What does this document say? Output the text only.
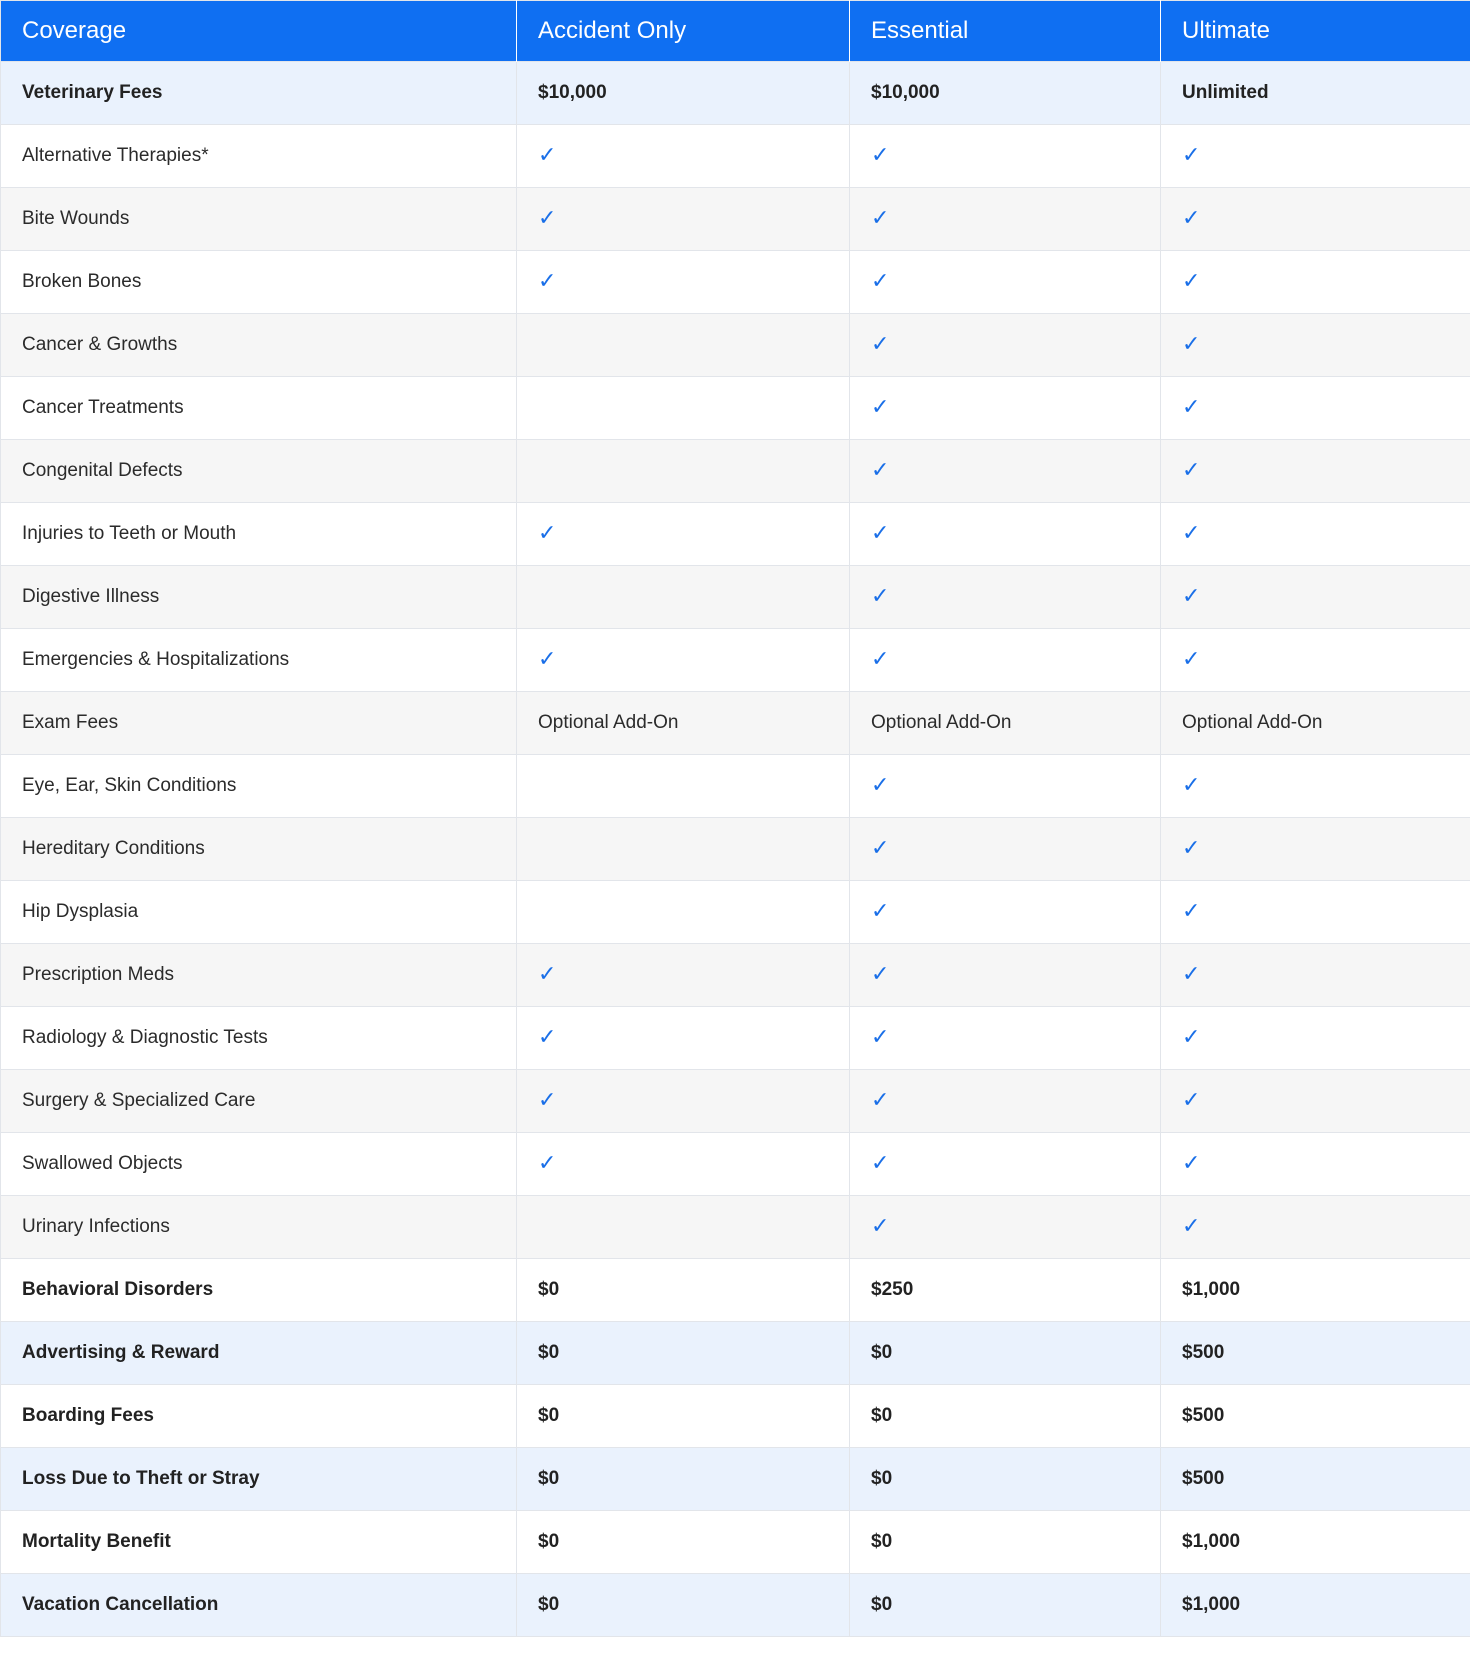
Coverage	Accident Only	Essential	Ultimate
Veterinary Fees	$10,000	$10,000	Unlimited
Alternative Therapies*	✓	✓	✓
Bite Wounds	✓	✓	✓
Broken Bones	✓	✓	✓
Cancer & Growths		✓	✓
Cancer Treatments		✓	✓
Congenital Defects		✓	✓
Injuries to Teeth or Mouth	✓	✓	✓
Digestive Illness		✓	✓
Emergencies & Hospitalizations	✓	✓	✓
Exam Fees	Optional Add-On	Optional Add-On	Optional Add-On
Eye, Ear, Skin Conditions		✓	✓
Hereditary Conditions		✓	✓
Hip Dysplasia		✓	✓
Prescription Meds	✓	✓	✓
Radiology & Diagnostic Tests	✓	✓	✓
Surgery & Specialized Care	✓	✓	✓
Swallowed Objects	✓	✓	✓
Urinary Infections		✓	✓
Behavioral Disorders	$0	$250	$1,000
Advertising & Reward	$0	$0	$500
Boarding Fees	$0	$0	$500
Loss Due to Theft or Stray	$0	$0	$500
Mortality Benefit	$0	$0	$1,000
Vacation Cancellation	$0	$0	$1,000
